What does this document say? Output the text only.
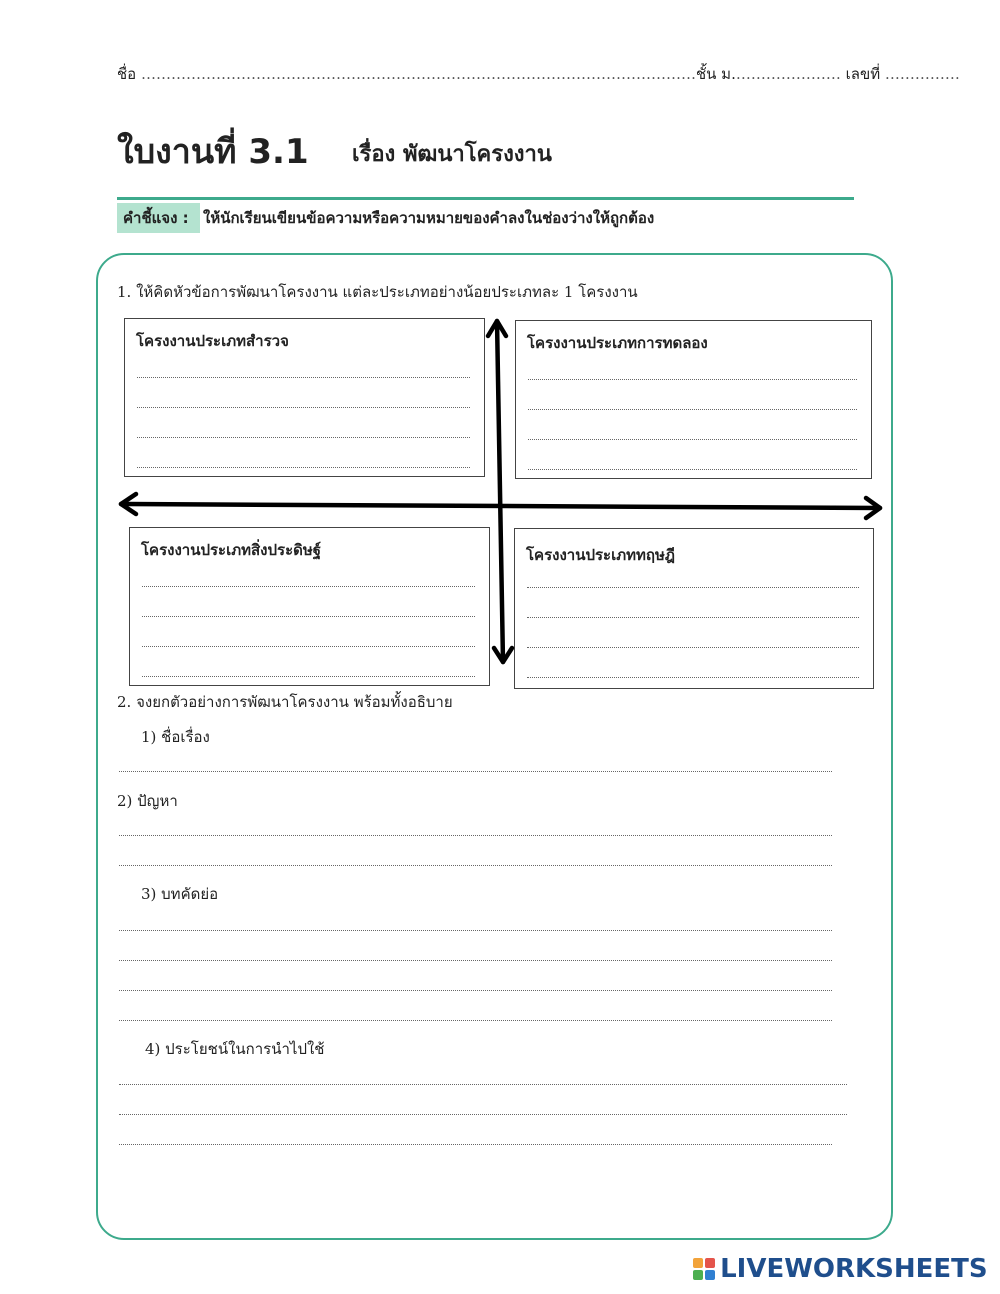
ชื่อ …………………………………………………………………………………………………ชั้น ม.………………… เลขที่ ……………
ใบงานที่ 3.1 เรื่อง พัฒนาโครงงาน
คำชี้แจง : ให้นักเรียนเขียนข้อความหรือความหมายของคำลงในช่องว่างให้ถูกต้อง
1. ให้คิดหัวข้อการพัฒนาโครงงาน แต่ละประเภทอย่างน้อยประเภทละ 1 โครงงาน
โครงงานประเภทสำรวจ	โครงงานประเภทการทดลอง
โครงงานประเภทสิ่งประดิษฐ์	โครงงานประเภททฤษฎี
2. จงยกตัวอย่างการพัฒนาโครงงาน พร้อมทั้งอธิบาย
1) ชื่อเรื่อง
2) ปัญหา
3) บทคัดย่อ
4) ประโยชน์ในการนำไปใช้
LIVEWORKSHEETS
